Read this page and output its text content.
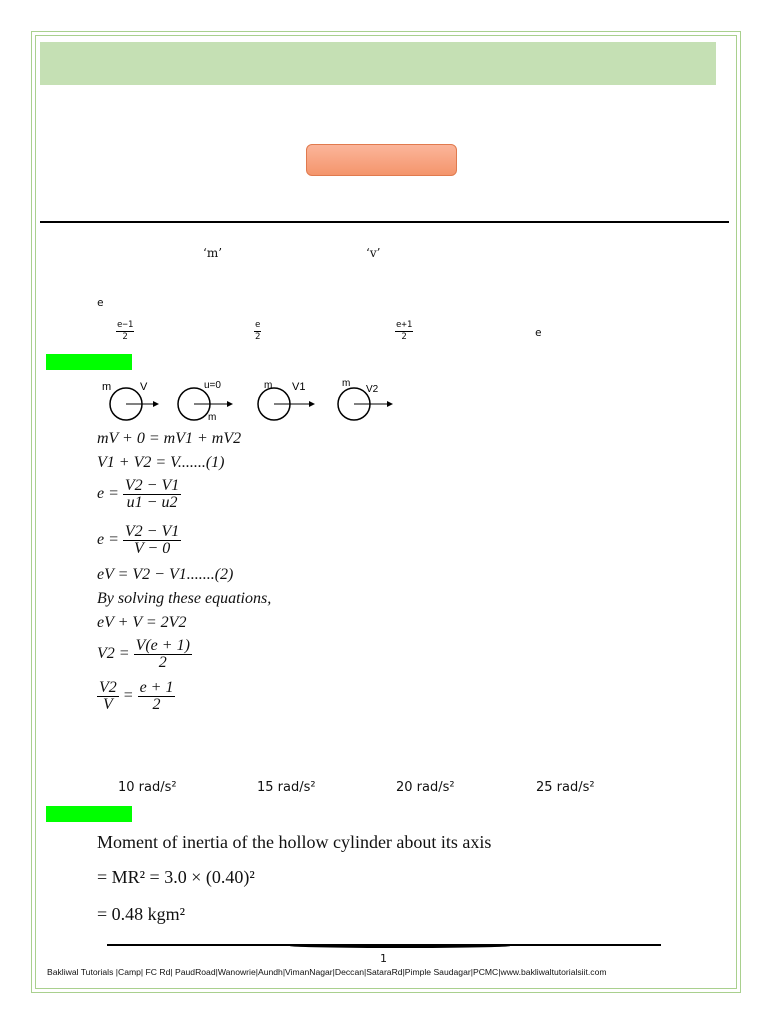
‘m’	‘v’
e
$\frac{e-1}{2}$	$\frac{e}{2}$	$\frac{e+1}{2}$	e
m	V	u=0
m
m V1	m
V2
mV + 0 = mV1 + mV2
V1 + V2 = V.......(1)
$e = \frac{V2 - V1}{u1 - u2}$
$e = \frac{V2 - V1}{V - 0}$
eV = V2 − V1.......(2)
By solving these equations,
eV + V = 2V2
$V2 = \frac{V(e + 1)}{2}$
$\frac{V2}{V} = \frac{e + 1}{2}$
10 rad/s²	15 rad/s²	20 rad/s²	25 rad/s²
Moment of inertia of the hollow cylinder about its axis
= MR² = 3.0 × (0.40)²
= 0.48 kgm²
1
Bakliwal Tutorials |Camp| FC Rd| PaudRoad|Wanowrie|Aundh|VimanNagar|Deccan|SataraRd|Pimple Saudagar|PCMC|www.bakliwaltutorialsiit.com
